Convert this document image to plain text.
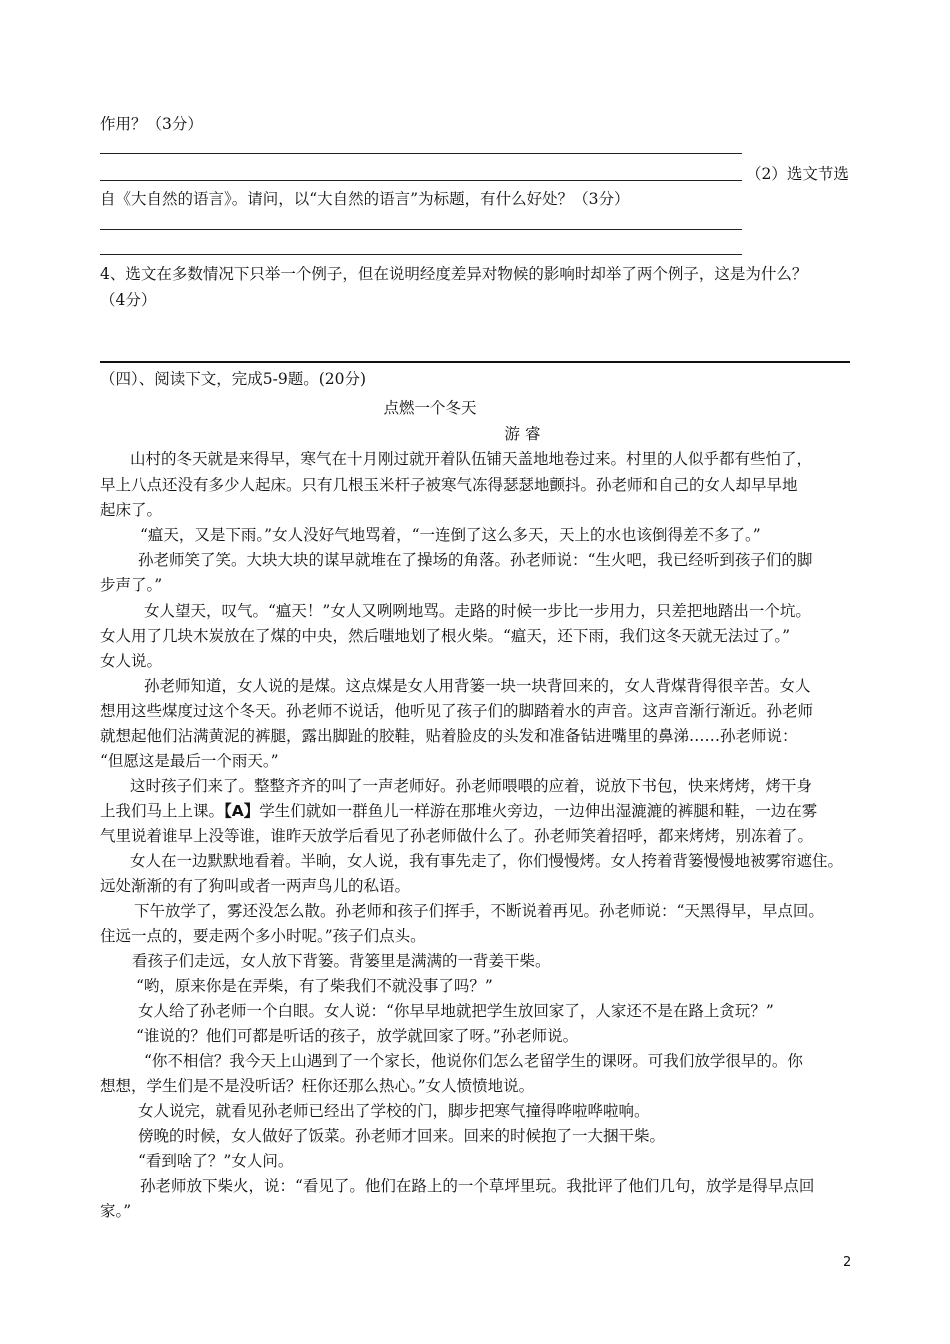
作用？（3分）
（2）选文节选
自《大自然的语言》。请问，以“大自然的语言”为标题，有什么好处？（3分）
4、选文在多数情况下只举一个例子，但在说明经度差异对物候的影响时却举了两个例子，这是为什么？
（4分）
（四）、阅读下文，完成5-9题。(20分)
点燃一个冬天
游 睿
山村的冬天就是来得早，寒气在十月刚过就开着队伍铺天盖地地卷过来。村里的人似乎都有些怕了，
早上八点还没有多少人起床。只有几根玉米杆子被寒气冻得瑟瑟地颤抖。孙老师和自己的女人却早早地
起床了。
“瘟天，又是下雨。”女人没好气地骂着，“一连倒了这么多天，天上的水也该倒得差不多了。”
孙老师笑了笑。大块大块的谋早就堆在了操场的角落。孙老师说：“生火吧，我已经听到孩子们的脚
步声了。”
女人望天，叹气。“瘟天！”女人又咧咧地骂。走路的时候一步比一步用力，只差把地踏出一个坑。
女人用了几块木炭放在了煤的中央，然后嗤地划了根火柴。“瘟天，还下雨，我们这冬天就无法过了。”
女人说。
孙老师知道，女人说的是煤。这点煤是女人用背篓一块一块背回来的，女人背煤背得很辛苦。女人
想用这些煤度过这个冬天。孙老师不说话，他听见了孩子们的脚踏着水的声音。这声音渐行渐近。孙老师
就想起他们沾满黄泥的裤腿，露出脚趾的胶鞋，贴着脸皮的头发和准备钻进嘴里的鼻涕……孙老师说：
“但愿这是最后一个雨天。”
这时孩子们来了。整整齐齐的叫了一声老师好。孙老师喂喂的应着，说放下书包，快来烤烤，烤干身
上我们马上上课。【A】学生们就如一群鱼儿一样游在那堆火旁边，一边伸出湿漉漉的裤腿和鞋，一边在雾
气里说着谁早上没等谁，谁昨天放学后看见了孙老师做什么了。孙老师笑着招呼，都来烤烤，别冻着了。
女人在一边默默地看着。半晌，女人说，我有事先走了，你们慢慢烤。女人挎着背篓慢慢地被雾帘遮住。
远处渐渐的有了狗叫或者一两声鸟儿的私语。
下午放学了，雾还没怎么散。孙老师和孩子们挥手，不断说着再见。孙老师说：“天黑得早，早点回。
住远一点的，要走两个多小时呢。”孩子们点头。
看孩子们走远，女人放下背篓。背篓里是满满的一背姜干柴。
“哟，原来你是在弄柴，有了柴我们不就没事了吗？”
女人给了孙老师一个白眼。女人说：“你早早地就把学生放回家了，人家还不是在路上贪玩？”
“谁说的？他们可都是听话的孩子，放学就回家了呀。”孙老师说。
“你不相信？我今天上山遇到了一个家长，他说你们怎么老留学生的课呀。可我们放学很早的。你
想想，学生们是不是没听话？枉你还那么热心。”女人愤愤地说。
女人说完，就看见孙老师已经出了学校的门，脚步把寒气撞得哗啦哗啦响。
傍晚的时候，女人做好了饭菜。孙老师才回来。回来的时候抱了一大捆干柴。
“看到啥了？”女人问。
孙老师放下柴火，说：“看见了。他们在路上的一个草坪里玩。我批评了他们几句，放学是得早点回
家。”
2
